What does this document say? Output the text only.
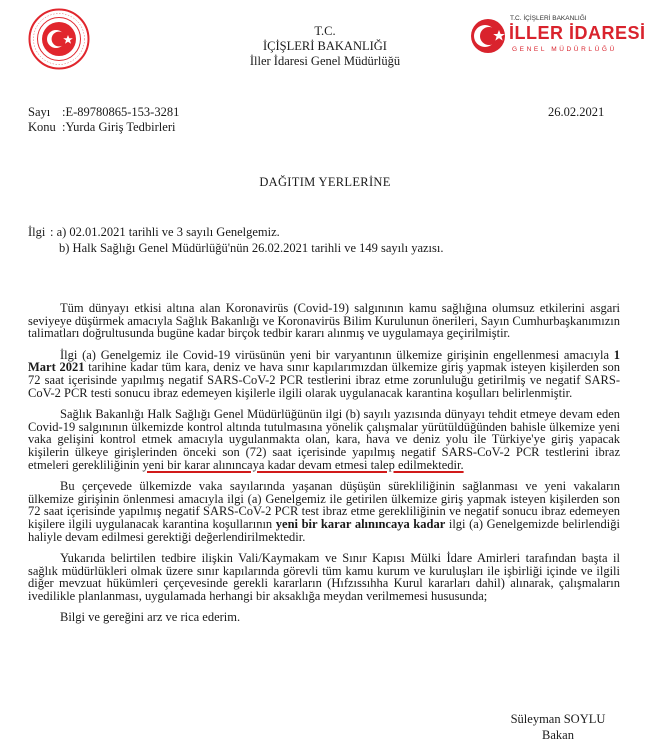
T.C.
İÇİŞLERİ BAKANLIĞI
İller İdaresi Genel Müdürlüğü
T.C. İÇİŞLERİ BAKANLIĞI
İLLER İDARESİ
GENEL MÜDÜRLÜĞÜ
Sayı :E-89780865-153-3281
Konu :Yurda Giriş Tedbirleri
26.02.2021
DAĞITIM YERLERİNE
İlgi : a) 02.01.2021 tarihli ve 3 sayılı Genelgemiz.
b) Halk Sağlığı Genel Müdürlüğü'nün 26.02.2021 tarihli ve 149 sayılı yazısı.

Tüm dünyayı etkisi altına alan Koronavirüs (Covid-19) salgınının kamu sağlığına olumsuz etkilerini asgari seviyeye düşürmek amacıyla Sağlık Bakanlığı ve Koronavirüs Bilim Kurulunun önerileri, Sayın Cumhurbaşkanımızın talimatları doğrultusunda bugüne kadar birçok tedbir kararı alınmış ve uygulamaya geçirilmiştir.

İlgi (a) Genelgemiz ile Covid-19 virüsünün yeni bir varyantının ülkemize girişinin engellenmesi amacıyla 1 Mart 2021 tarihine kadar tüm kara, deniz ve hava sınır kapılarımızdan ülkemize giriş yapmak isteyen kişilerden son 72 saat içerisinde yapılmış negatif SARS-CoV-2 PCR testlerini ibraz etme zorunluluğu getirilmiş ve negatif SARS-CoV-2 PCR testi sonucu ibraz edemeyen kişilerle ilgili olarak uygulanacak karantina koşulları belirlenmiştir.

Sağlık Bakanlığı Halk Sağlığı Genel Müdürlüğünün ilgi (b) sayılı yazısında dünyayı tehdit etmeye devam eden Covid-19 salgınının ülkemizde kontrol altında tutulmasına yönelik çalışmalar yürütüldüğünden bahisle ülkemize yeni vaka gelişini kontrol etmek amacıyla uygulanmakta olan, kara, hava ve deniz yolu ile Türkiye'ye giriş yapacak kişilerin ülkeye girişlerinden önceki son (72) saat içerisinde yapılmış negatif SARS-CoV-2 PCR testlerini ibraz etmeleri gerekliliğinin yeni bir karar alınıncaya kadar devam etmesi talep edilmektedir.

Bu çerçevede ülkemizde vaka sayılarında yaşanan düşüşün sürekliliğinin sağlanması ve yeni vakaların ülkemize girişinin önlenmesi amacıyla ilgi (a) Genelgemiz ile getirilen ülkemize giriş yapmak isteyen kişilerden son 72 saat içerisinde yapılmış negatif SARS-CoV-2 PCR test ibraz etme gerekliliğinin ve negatif sonucu ibraz edemeyen kişilere ilgili uygulanacak karantina koşullarının yeni bir karar alınıncaya kadar ilgi (a) Genelgemizde belirlendiği haliyle devam edilmesi gerektiği değerlendirilmektedir.

Yukarıda belirtilen tedbire ilişkin Vali/Kaymakam ve Sınır Kapısı Mülki İdare Amirleri tarafından başta il sağlık müdürlükleri olmak üzere sınır kapılarında görevli tüm kamu kurum ve kuruluşları ile işbirliği içinde ve ilgili diğer mevzuat hükümleri çerçevesinde gerekli kararların (Hıfzıssıhha Kurul kararları dahil) alınarak, çalışmaların ivedilikle planlanması, uygulamada herhangi bir aksaklığa meydan verilmemesi hususunda;

Bilgi ve gereğini arz ve rica ederim.

Süleyman SOYLU
Bakan
